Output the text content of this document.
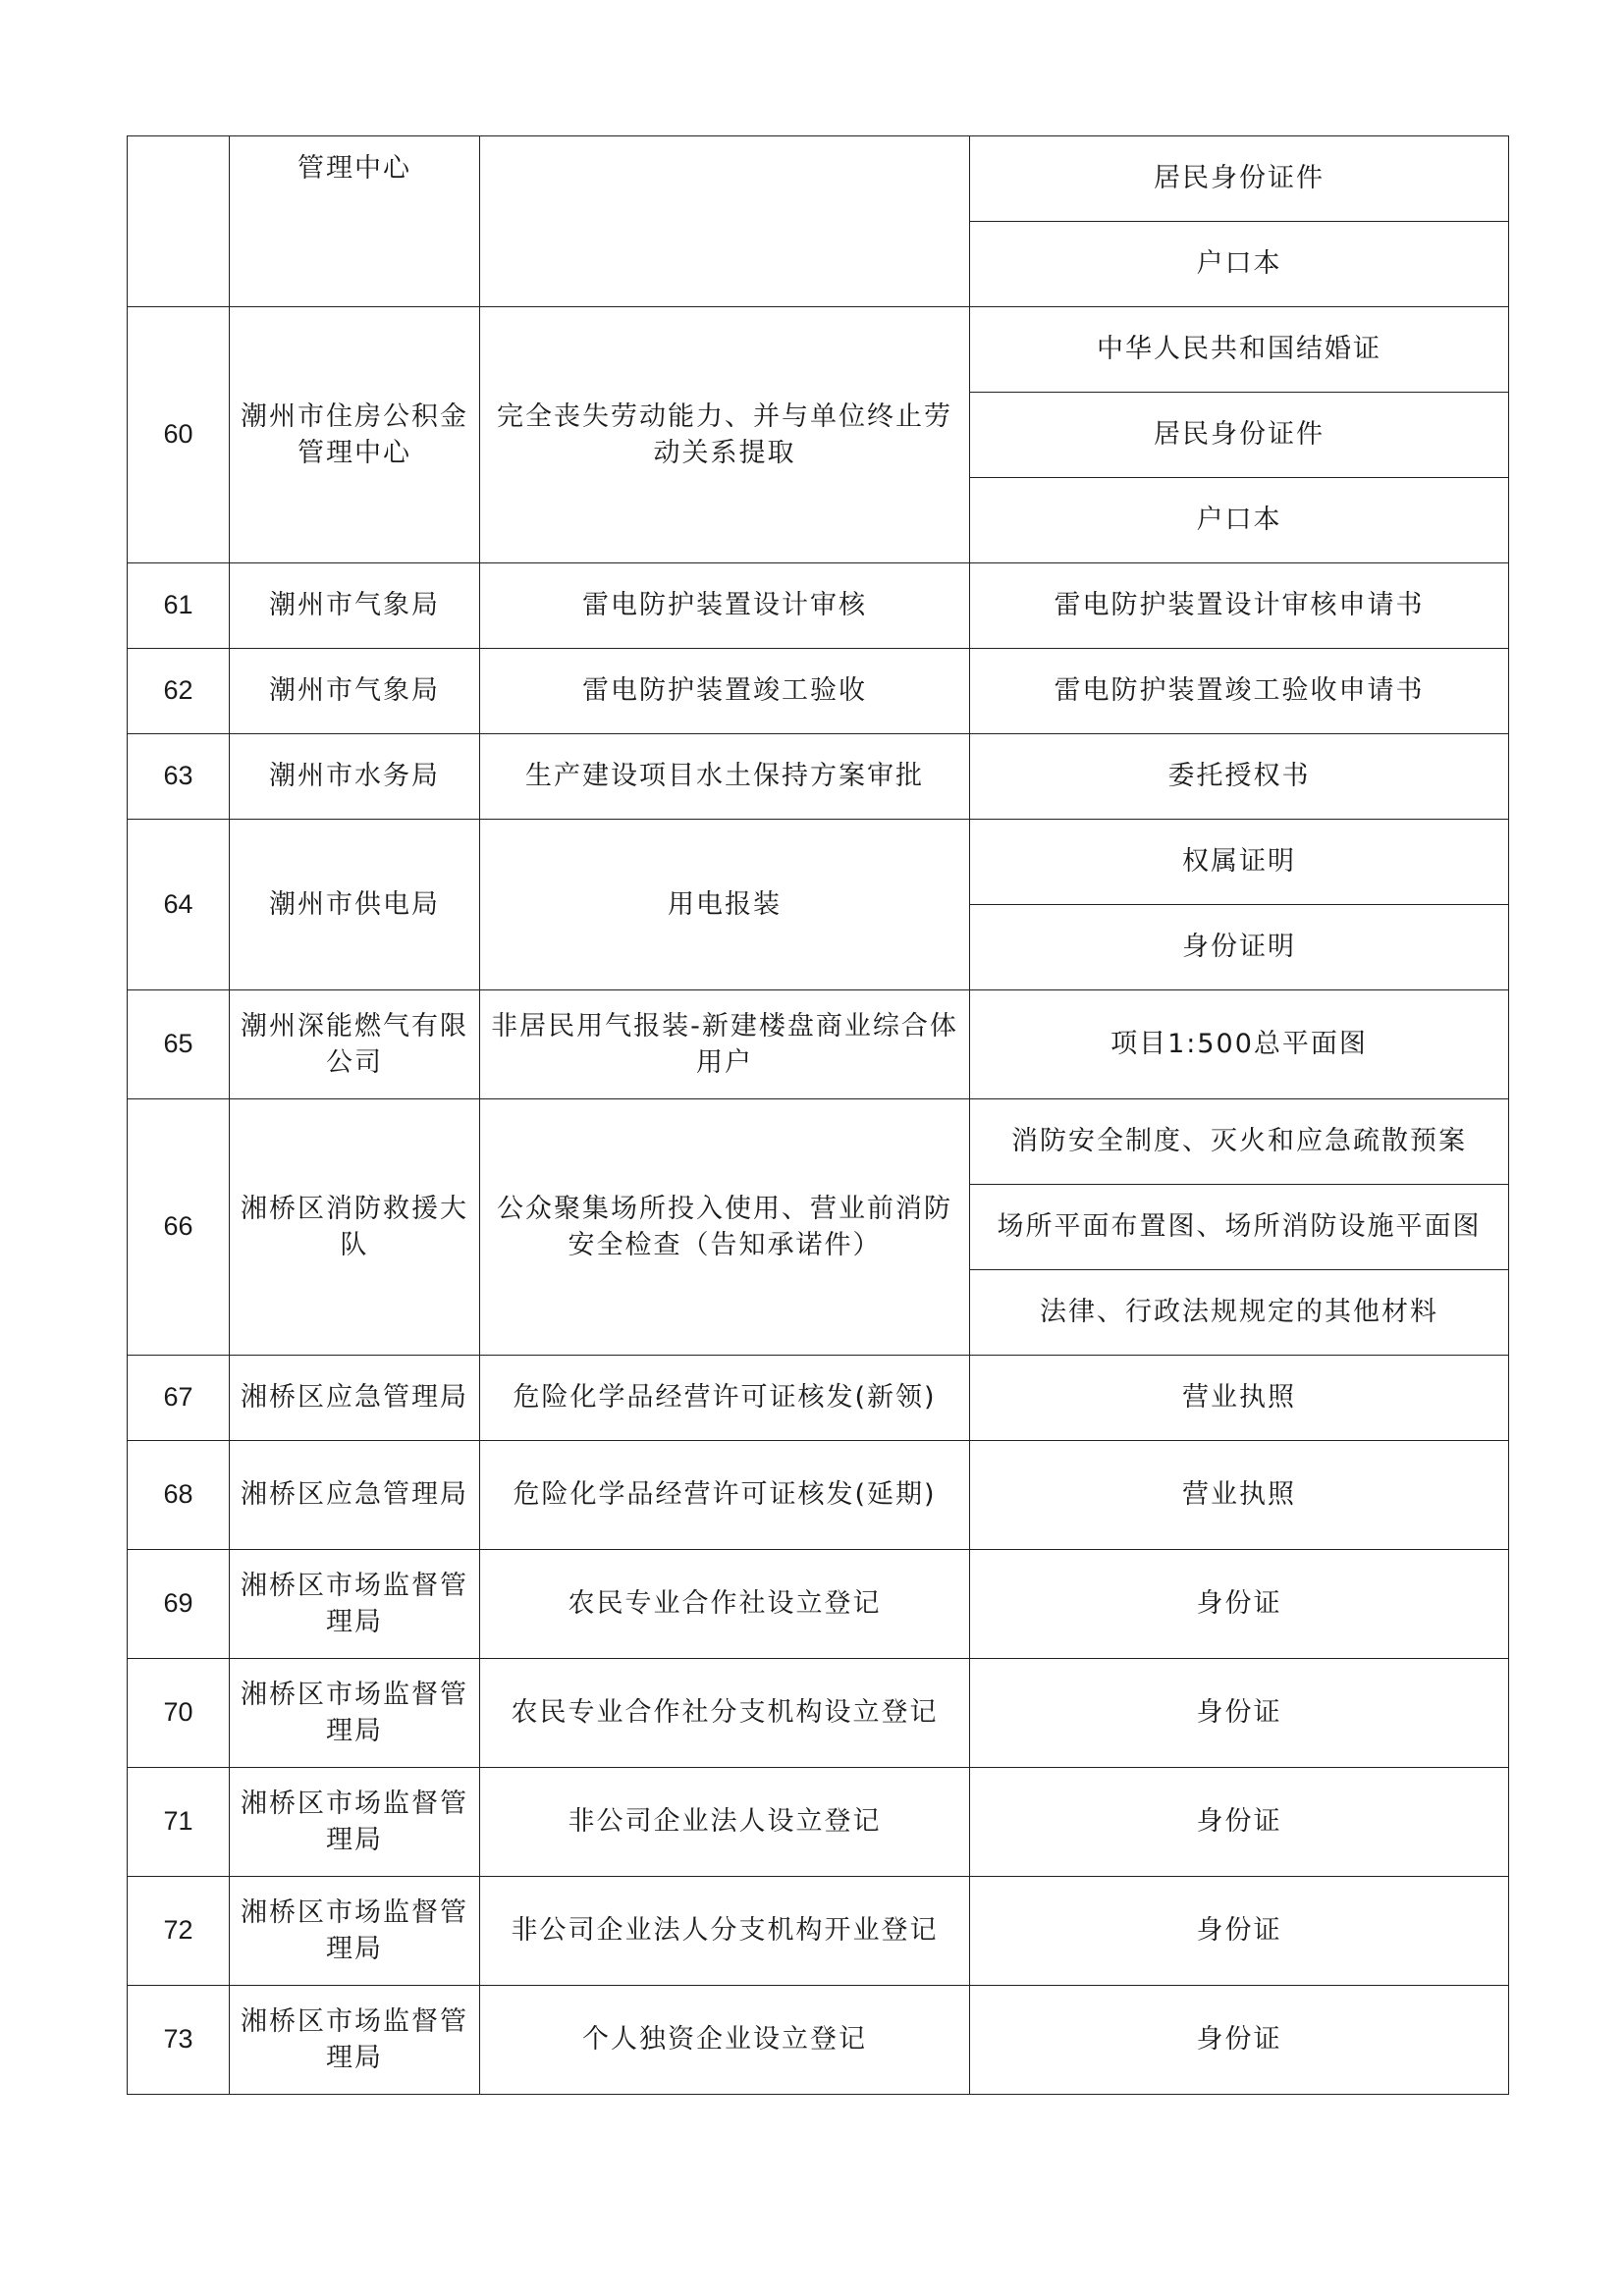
	管理中心		居民身份证件
			户口本
60	潮州市住房公积金管理中心	完全丧失劳动能力、并与单位终止劳动关系提取	中华人民共和国结婚证
			居民身份证件
			户口本
61	潮州市气象局	雷电防护装置设计审核	雷电防护装置设计审核申请书
62	潮州市气象局	雷电防护装置竣工验收	雷电防护装置竣工验收申请书
63	潮州市水务局	生产建设项目水土保持方案审批	委托授权书
64	潮州市供电局	用电报装	权属证明
			身份证明
65	潮州深能燃气有限公司	非居民用气报装-新建楼盘商业综合体用户	项目1:500总平面图
66	湘桥区消防救援大队	公众聚集场所投入使用、营业前消防安全检查（告知承诺件）	消防安全制度、灭火和应急疏散预案
			场所平面布置图、场所消防设施平面图
			法律、行政法规规定的其他材料
67	湘桥区应急管理局	危险化学品经营许可证核发(新领)	营业执照
68	湘桥区应急管理局	危险化学品经营许可证核发(延期)	营业执照
69	湘桥区市场监督管理局	农民专业合作社设立登记	身份证
70	湘桥区市场监督管理局	农民专业合作社分支机构设立登记	身份证
71	湘桥区市场监督管理局	非公司企业法人设立登记	身份证
72	湘桥区市场监督管理局	非公司企业法人分支机构开业登记	身份证
73	湘桥区市场监督管理局	个人独资企业设立登记	身份证
